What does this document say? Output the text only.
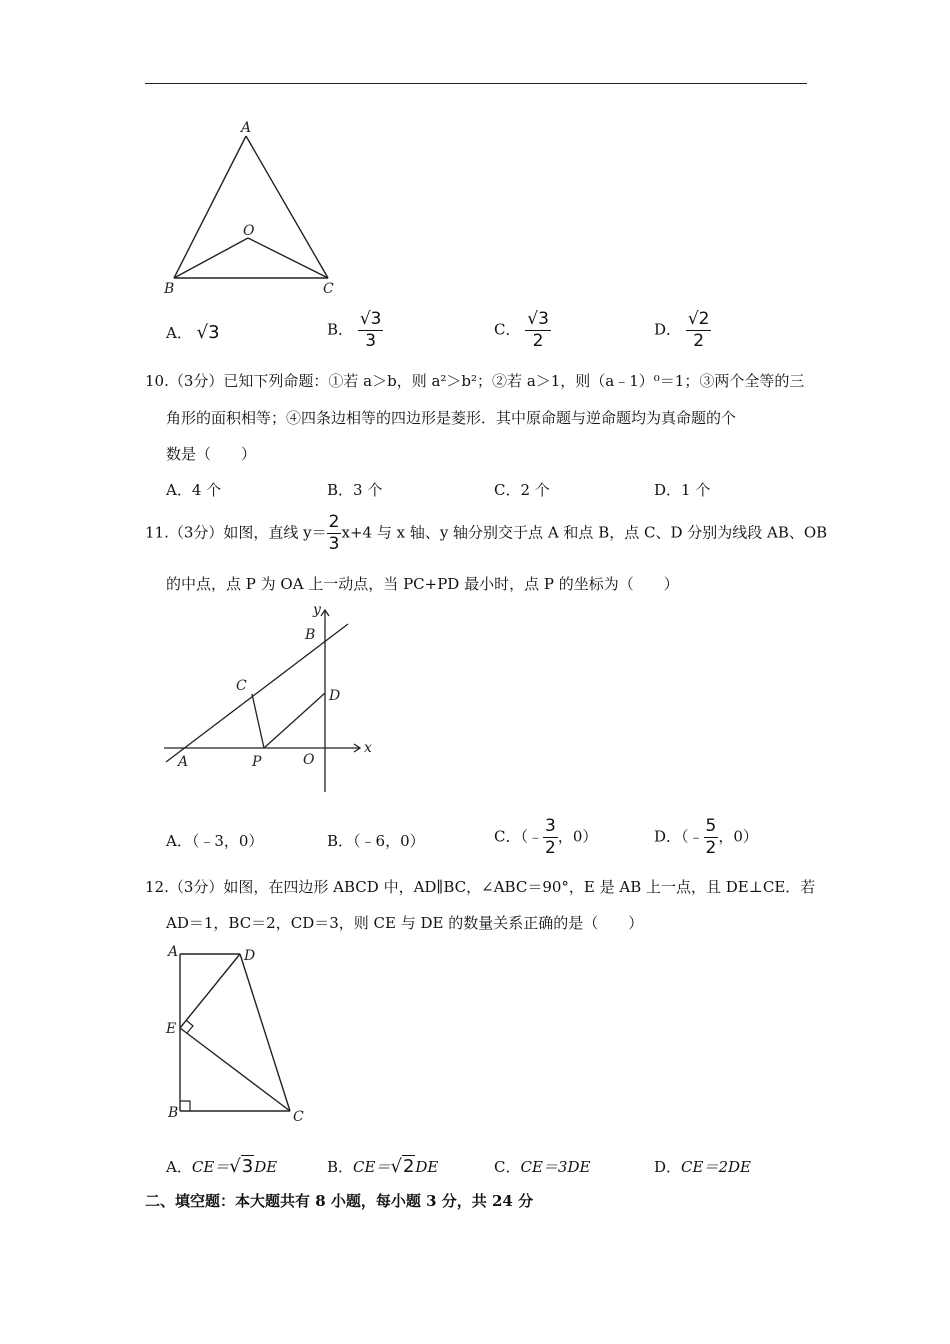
A
O
B	C
A． √3	B． $\frac{√3}{3}$	C． $\frac{√3}{2}$	D． $\frac{√2}{2}$
10.（3分）已知下列命题：①若 a＞b，则 a²＞b²；②若 a＞1，则（a﹣1）⁰＝1；③两个全等的三
角形的面积相等；④四条边相等的四边形是菱形．其中原命题与逆命题均为真命题的个
数是（　　）
A．4 个	B．3 个	C．2 个	D．1 个
11.（3分）如图，直线 $y= \frac{2}{3} x+4$ 与 x 轴、y 轴分别交于点 A 和点 B，点 C、D 分别为线段 AB、OB
的中点，点 P 为 OA 上一动点，当 PC+PD 最小时，点 P 的坐标为（　　）
y
x
B
C
D
A	P	O
A．（﹣3，0）	B．（﹣6，0）	C．（﹣ $\frac{3}{2}$ ，0）	D．（﹣ $\frac{5}{2}$ ，0）
12.（3分）如图，在四边形 ABCD 中，AD∥BC，∠ABC＝90°，E 是 AB 上一点，且 DE⊥CE．若
AD＝1，BC＝2，CD＝3，则 CE 与 DE 的数量关系正确的是（　　）
A	D
E
B	C
A．CE＝√3DE	B．CE＝√2DE	C．CE＝3DE	D．CE＝2DE
二、填空题：本大题共有 8 小题，每小题 3 分，共 24 分
